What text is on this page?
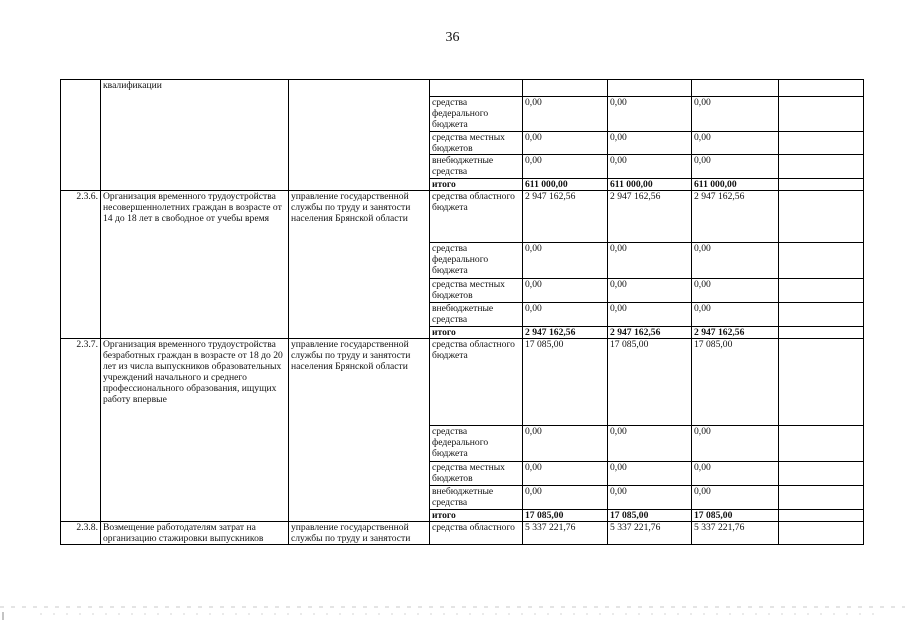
36
	квалификации						
			средства федерального бюджета	0,00	0,00	0,00	
			средства местных бюджетов	0,00	0,00	0,00	
			внебюджетные средства	0,00	0,00	0,00	
			итого	611 000,00	611 000,00	611 000,00	
2.3.6.	Организация временного трудоустройства несовершеннолетних граждан в возрасте от 14 до 18 лет в свободное от учебы время	управление государственной службы по труду и занятости населения Брянской области	средства областного бюджета	2 947 162,56	2 947 162,56	2 947 162,56	
			средства федерального бюджета	0,00	0,00	0,00	
			средства местных бюджетов	0,00	0,00	0,00	
			внебюджетные средства	0,00	0,00	0,00	
			итого	2 947 162,56	2 947 162,56	2 947 162,56	
2.3.7.	Организация временного трудоустройства безработных граждан в возрасте от 18 до 20 лет из числа выпускников образовательных учреждений начального и среднего профессионального образования, ищущих работу впервые	управление государственной службы по труду и занятости населения Брянской области	средства областного бюджета	17 085,00	17 085,00	17 085,00	
			средства федерального бюджета	0,00	0,00	0,00	
			средства местных бюджетов	0,00	0,00	0,00	
			внебюджетные средства	0,00	0,00	0,00	
			итого	17 085,00	17 085,00	17 085,00	
2.3.8.	Возмещение работодателям затрат на организацию стажировки выпускников	управление государственной службы по труду и занятости	средства областного	5 337 221,76	5 337 221,76	5 337 221,76	
